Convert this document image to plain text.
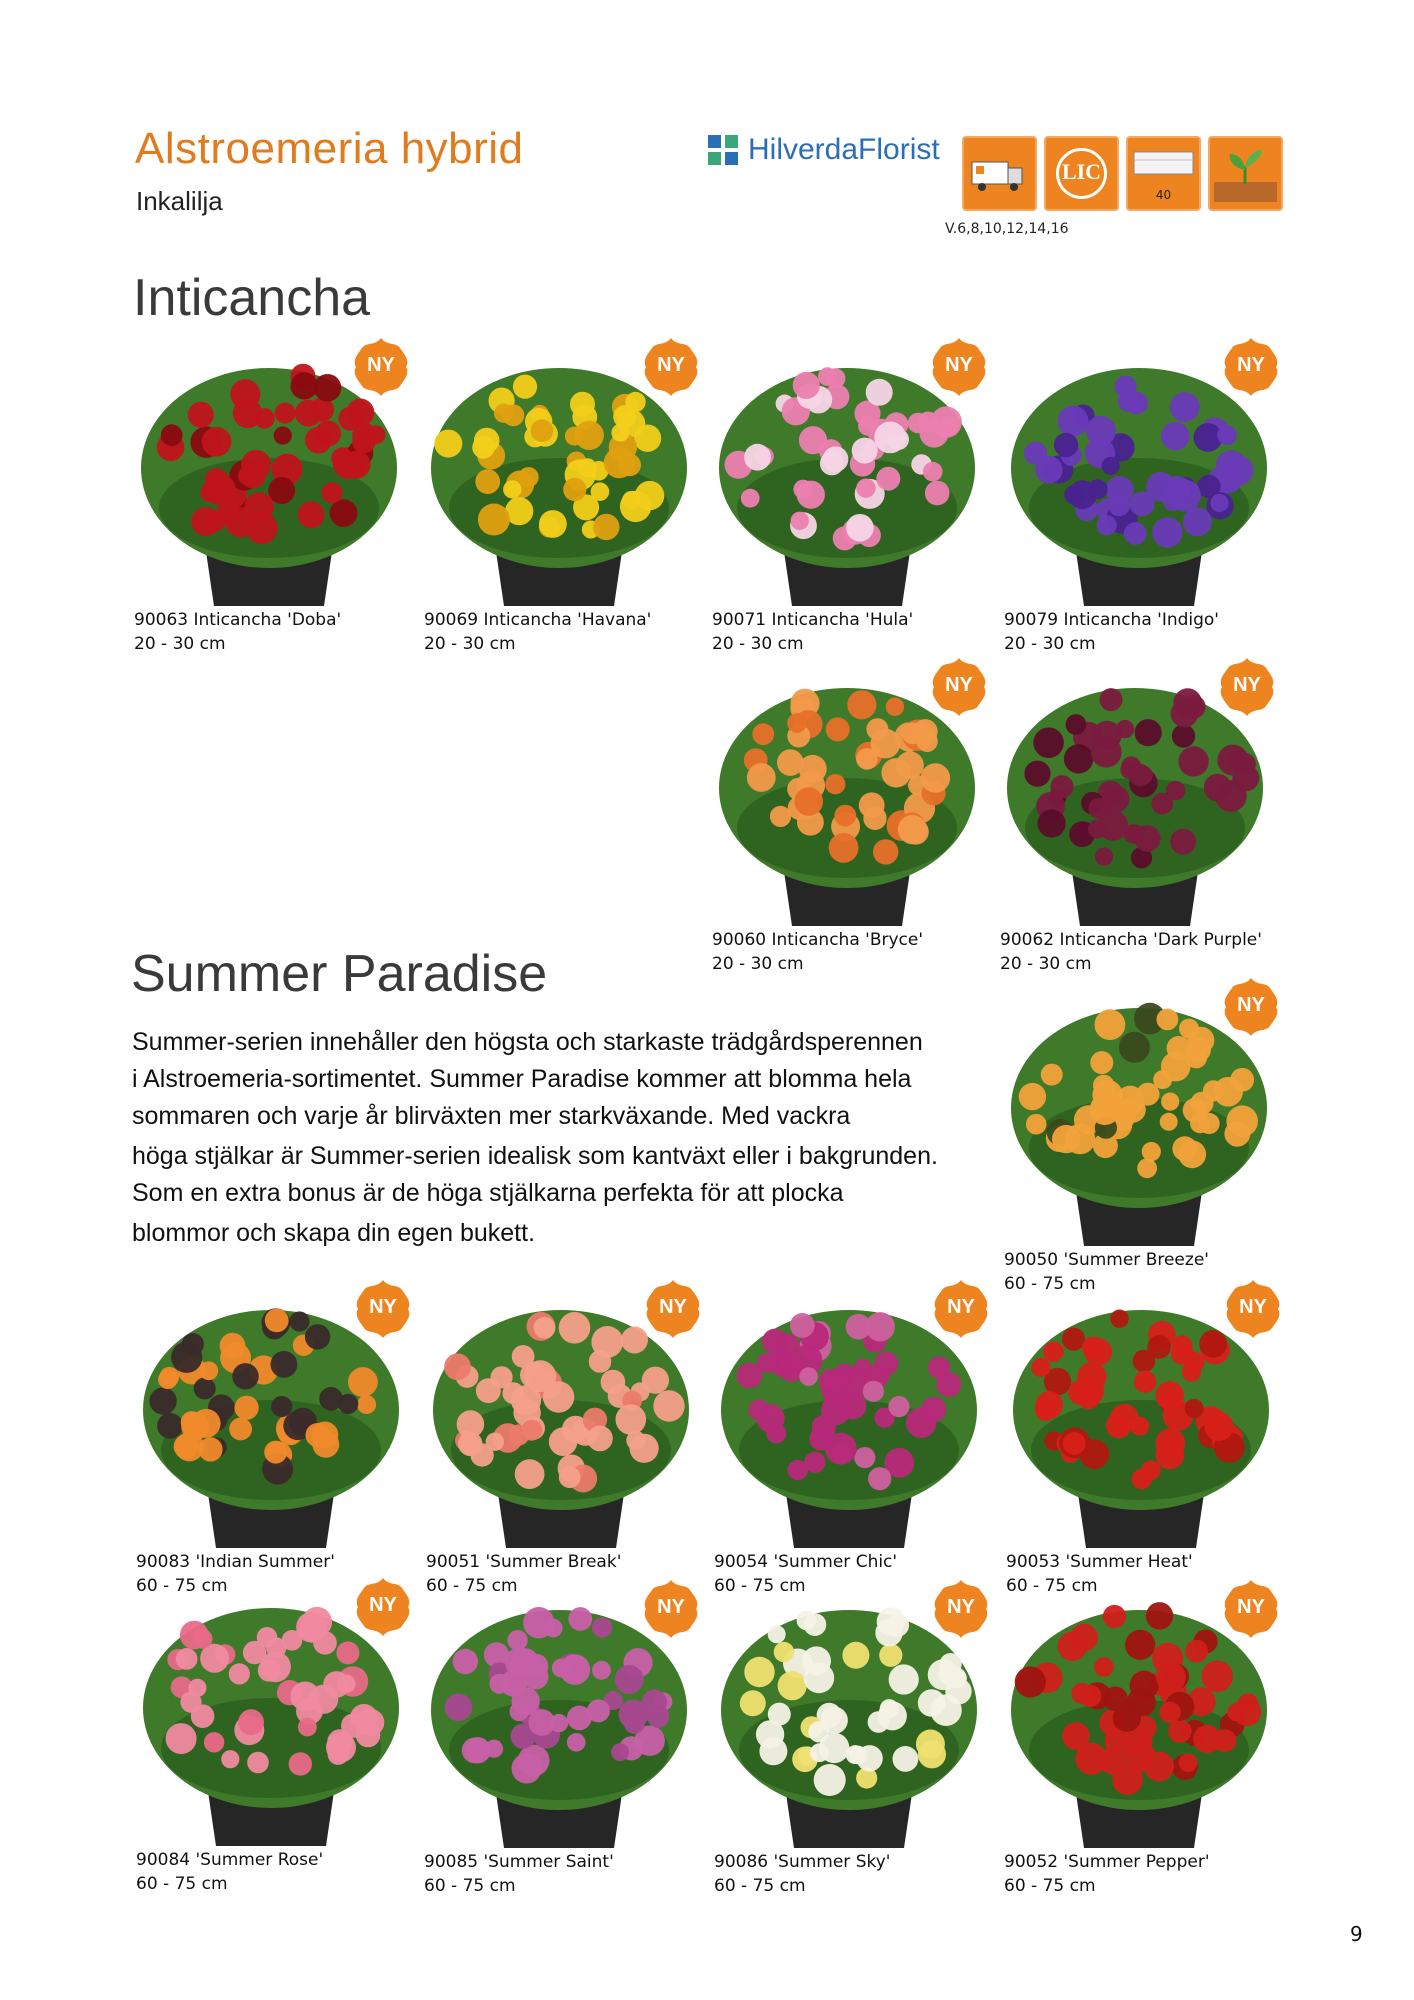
Alstroemeria hybrid
Inkalilja
HilverdaFlorist
LIC
40
V.6,8,10,12,14,16
Inticancha
Summer Paradise

Summer-serien innehåller den högsta och starkaste trädgårdsperennen

i Alstroemeria-sortimentet. Summer Paradise kommer att blomma hela

sommaren och varje år blirväxten mer starkväxande. Med vackra

höga stjälkar är Summer-serien idealisk som kantväxt eller i bakgrunden.

Som en extra bonus är de höga stjälkarna perfekta för att plocka

blommor och skapa din egen bukett.

NY
90063 Inticancha 'Doba'
20 - 30 cm
NY
90069 Inticancha 'Havana'
20 - 30 cm
NY
90071 Inticancha 'Hula'
20 - 30 cm
NY
90079 Inticancha 'Indigo'
20 - 30 cm
NY
90060 Inticancha 'Bryce'
20 - 30 cm
NY
90062 Inticancha 'Dark Purple'
20 - 30 cm
NY
90050 'Summer Breeze'
60 - 75 cm
NY
90083 'Indian Summer'
60 - 75 cm
NY
90051 'Summer Break'
60 - 75 cm
NY
90054 'Summer Chic'
60 - 75 cm
NY
90053 'Summer Heat'
60 - 75 cm
NY
90084 'Summer Rose'
60 - 75 cm
NY
90085 'Summer Saint'
60 - 75 cm
NY
90086 'Summer Sky'
60 - 75 cm
NY
90052 'Summer Pepper'
60 - 75 cm
9
